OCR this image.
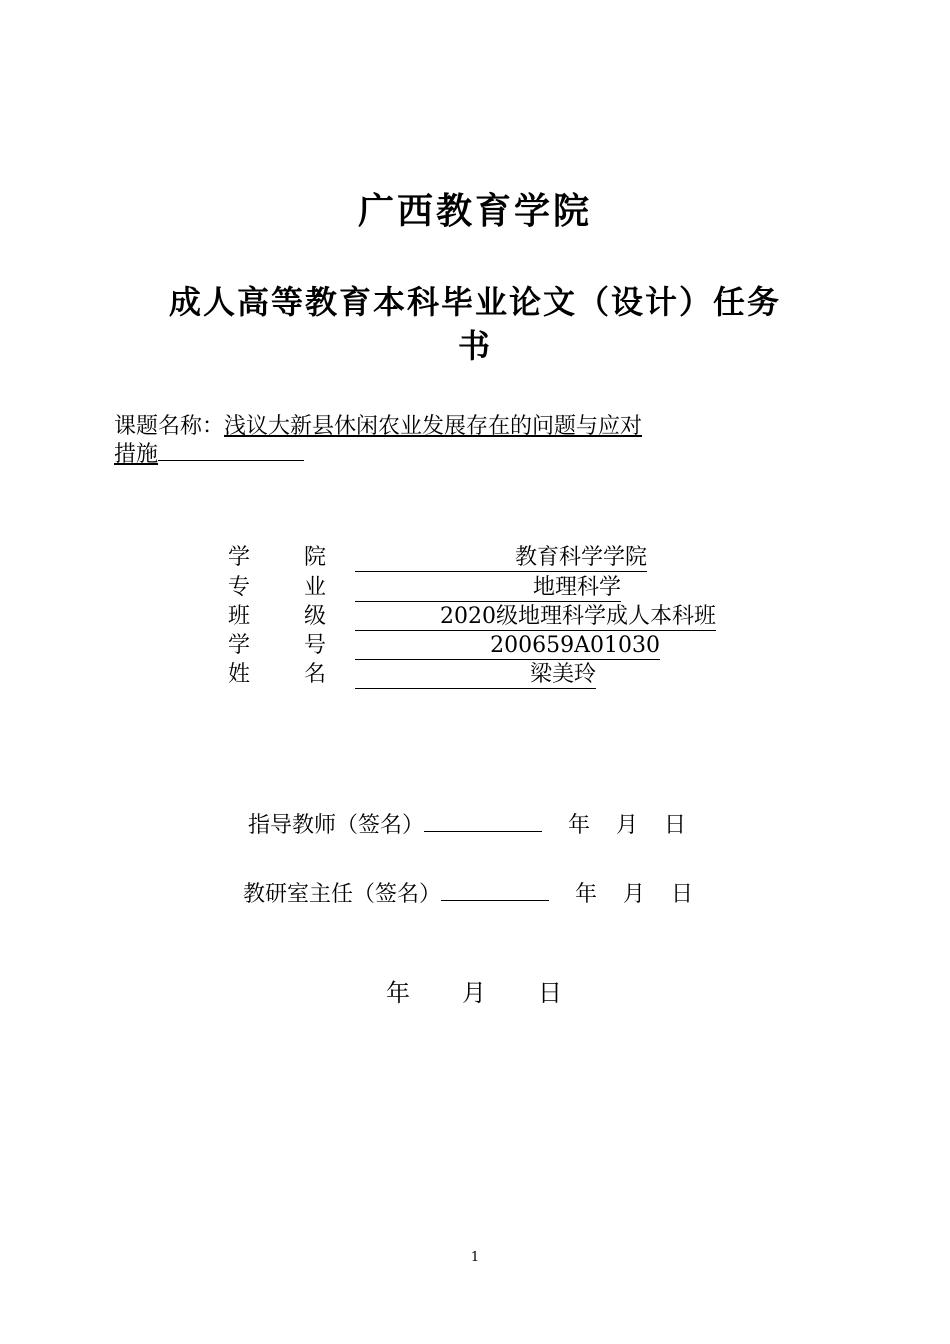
广西教育学院
成人高等教育本科毕业论文（设计）任务
书
课题名称：浅议大新县休闲农业发展存在的问题与应对
措施
学 院	教育科学学院
专 业	地理科学
班 级	2020级地理科学成人本科班
学 号	200659A01030
姓 名	梁美玲
指导教师（签名）	年 月 日
教研室主任（签名）	年 月 日
年 月 日
1
